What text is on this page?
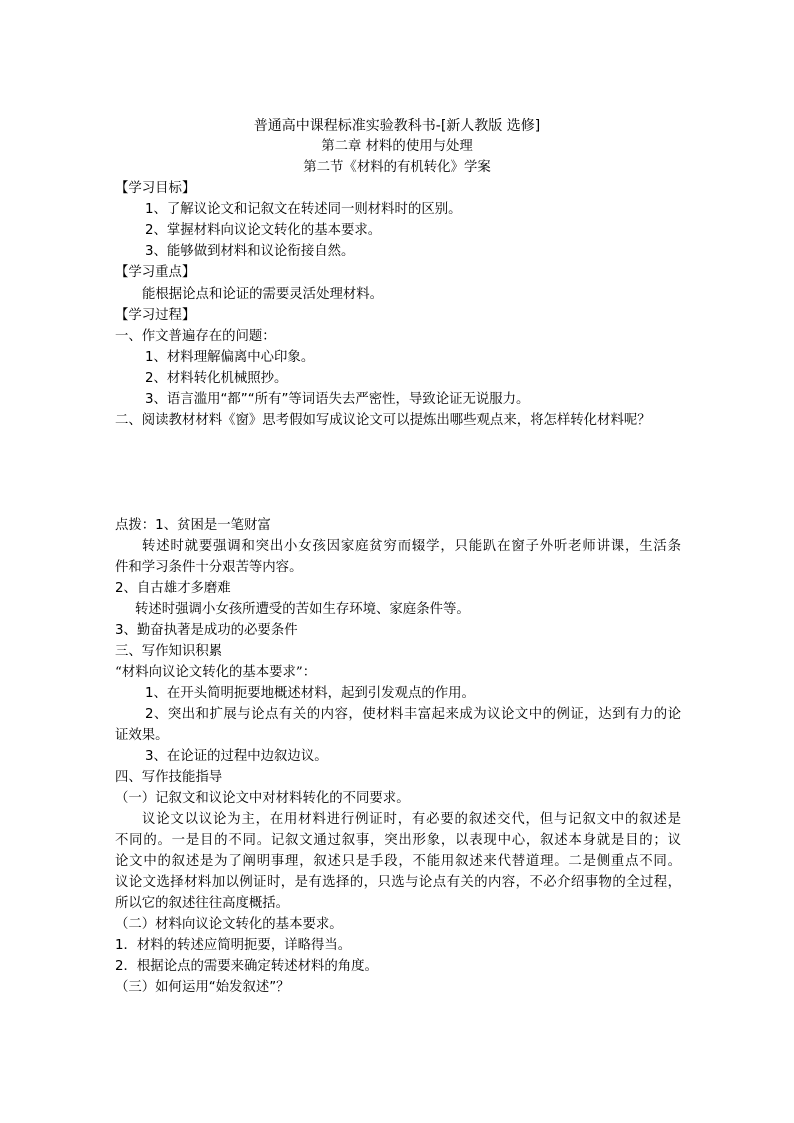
普通高中课程标准实验教科书-[新人教版 选修]
第二章 材料的使用与处理
第二节《材料的有机转化》学案
【学习目标】
1、了解议论文和记叙文在转述同一则材料时的区别。
2、掌握材料向议论文转化的基本要求。
3、能够做到材料和议论衔接自然。
【学习重点】
能根据论点和论证的需要灵活处理材料。
【学习过程】
一、作文普遍存在的问题：
1、材料理解偏离中心印象。
2、材料转化机械照抄。
3、语言滥用“都”“所有”等词语失去严密性，导致论证无说服力。
二、阅读教材材料《窗》思考假如写成议论文可以提炼出哪些观点来，将怎样转化材料呢？
点拨：1、贫困是一笔财富
转述时就要强调和突出小女孩因家庭贫穷而辍学，只能趴在窗子外听老师讲课，生活条
件和学习条件十分艰苦等内容。
2、自古雄才多磨难
转述时强调小女孩所遭受的苦如生存环境、家庭条件等。
3、勤奋执著是成功的必要条件
三、写作知识积累
“材料向议论文转化的基本要求”：
1、在开头简明扼要地概述材料，起到引发观点的作用。
2、突出和扩展与论点有关的内容，使材料丰富起来成为议论文中的例证，达到有力的论
证效果。
3、在论证的过程中边叙边议。
四、写作技能指导
（一）记叙文和议论文中对材料转化的不同要求。
议论文以议论为主，在用材料进行例证时，有必要的叙述交代，但与记叙文中的叙述是
不同的。一是目的不同。记叙文通过叙事，突出形象，以表现中心，叙述本身就是目的；议
论文中的叙述是为了阐明事理，叙述只是手段，不能用叙述来代替道理。二是侧重点不同。
议论文选择材料加以例证时，是有选择的，只选与论点有关的内容，不必介绍事物的全过程，
所以它的叙述往往高度概括。
（二）材料向议论文转化的基本要求。
1．材料的转述应简明扼要，详略得当。
2．根据论点的需要来确定转述材料的角度。
（三）如何运用“始发叙述”？
